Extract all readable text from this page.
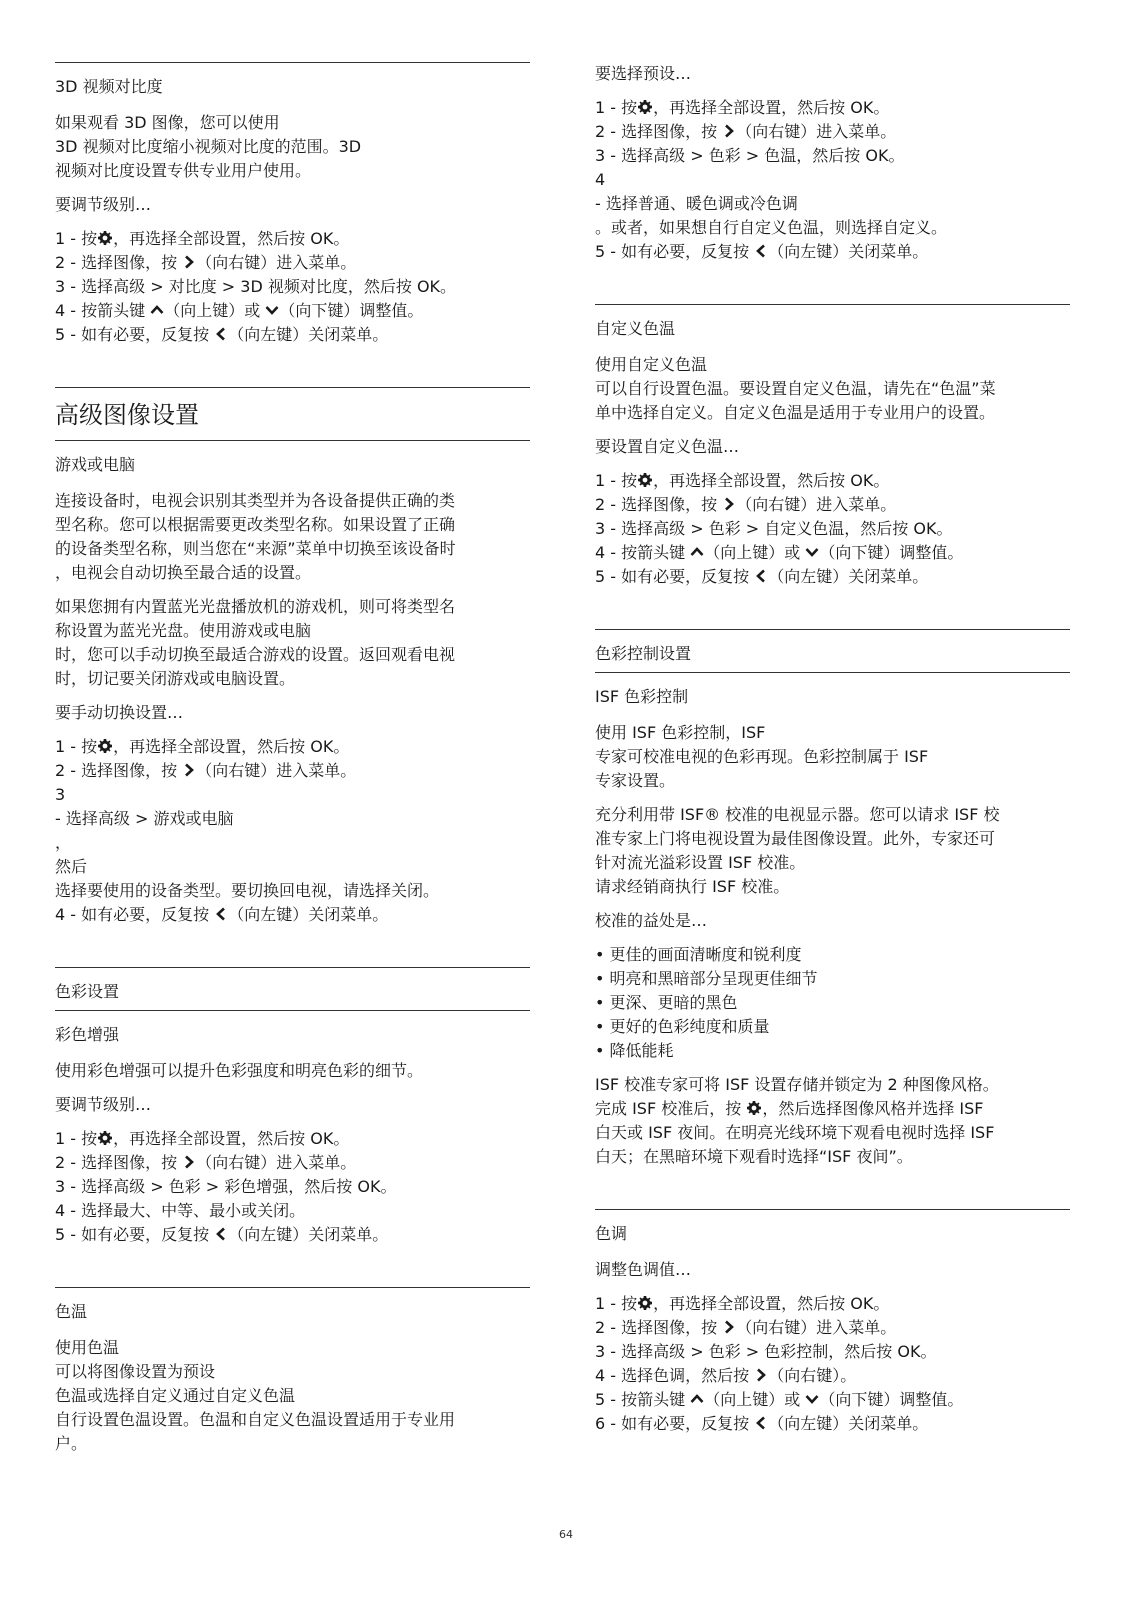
3D 视频对比度
如果观看 3D 图像，您可以使用
3D 视频对比度缩小视频对比度的范围。3D
视频对比度设置专供专业用户使用。

要调节级别…

1 - 按 ，再选择全部设置，然后按 OK。
2 - 选择图像，按 （向右键）进入菜单。
3 - 选择高级 > 对比度 > 3D 视频对比度，然后按 OK。
4 - 按箭头键 （向上键）或 （向下键）调整值。
5 - 如有必要，反复按 （向左键）关闭菜单。
高级图像设置
游戏或电脑
连接设备时，电视会识别其类型并为各设备提供正确的类
型名称。您可以根据需要更改类型名称。如果设置了正确
的设备类型名称，则当您在“来源”菜单中切换至该设备时
，电视会自动切换至最合适的设置。
如果您拥有内置蓝光光盘播放机的游戏机，则可将类型名
称设置为蓝光光盘。使用游戏或电脑
时，您可以手动切换至最适合游戏的设置。返回观看电视
时，切记要关闭游戏或电脑设置。

要手动切换设置…

1 - 按 ，再选择全部设置，然后按 OK。
2 - 选择图像，按 （向右键）进入菜单。
3
- 选择高级 > 游戏或电脑
，
然后
选择要使用的设备类型。要切换回电视，请选择关闭。
4 - 如有必要，反复按 （向左键）关闭菜单。
色彩设置
彩色增强

使用彩色增强可以提升色彩强度和明亮色彩的细节。

要调节级别…

1 - 按 ，再选择全部设置，然后按 OK。
2 - 选择图像，按 （向右键）进入菜单。
3 - 选择高级 > 色彩 > 彩色增强，然后按 OK。
4 - 选择最大、中等、最小或关闭。
5 - 如有必要，反复按 （向左键）关闭菜单。
色温
使用色温
可以将图像设置为预设
色温或选择自定义通过自定义色温
自行设置色温设置。色温和自定义色温设置适用于专业用
户。

要选择预设…

1 - 按 ，再选择全部设置，然后按 OK。
2 - 选择图像，按 （向右键）进入菜单。
3 - 选择高级 > 色彩 > 色温，然后按 OK。
4
- 选择普通、暖色调或冷色调
。或者，如果想自行自定义色温，则选择自定义。
5 - 如有必要，反复按 （向左键）关闭菜单。
自定义色温
使用自定义色温
可以自行设置色温。要设置自定义色温，请先在“色温”菜
单中选择自定义。自定义色温是适用于专业用户的设置。

要设置自定义色温…

1 - 按 ，再选择全部设置，然后按 OK。
2 - 选择图像，按 （向右键）进入菜单。
3 - 选择高级 > 色彩 > 自定义色温，然后按 OK。
4 - 按箭头键 （向上键）或 （向下键）调整值。
5 - 如有必要，反复按 （向左键）关闭菜单。
色彩控制设置
ISF 色彩控制
使用 ISF 色彩控制，ISF
专家可校准电视的色彩再现。色彩控制属于 ISF
专家设置。
充分利用带 ISF® 校准的电视显示器。您可以请求 ISF 校
准专家上门将电视设置为最佳图像设置。此外，专家还可
针对流光溢彩设置 ISF 校准。
请求经销商执行 ISF 校准。

校准的益处是…

• 更佳的画面清晰度和锐利度
• 明亮和黑暗部分呈现更佳细节
• 更深、更暗的黑色
• 更好的色彩纯度和质量
• 降低能耗
ISF 校准专家可将 ISF 设置存储并锁定为 2 种图像风格。
完成 ISF 校准后，按 ，然后选择图像风格并选择 ISF
白天或 ISF 夜间。在明亮光线环境下观看电视时选择 ISF
白天；在黑暗环境下观看时选择“ISF 夜间”。
色调

调整色调值…

1 - 按 ，再选择全部设置，然后按 OK。
2 - 选择图像，按 （向右键）进入菜单。
3 - 选择高级 > 色彩 > 色彩控制，然后按 OK。
4 - 选择色调，然后按 （向右键）。
5 - 按箭头键 （向上键）或 （向下键）调整值。
6 - 如有必要，反复按 （向左键）关闭菜单。
64
